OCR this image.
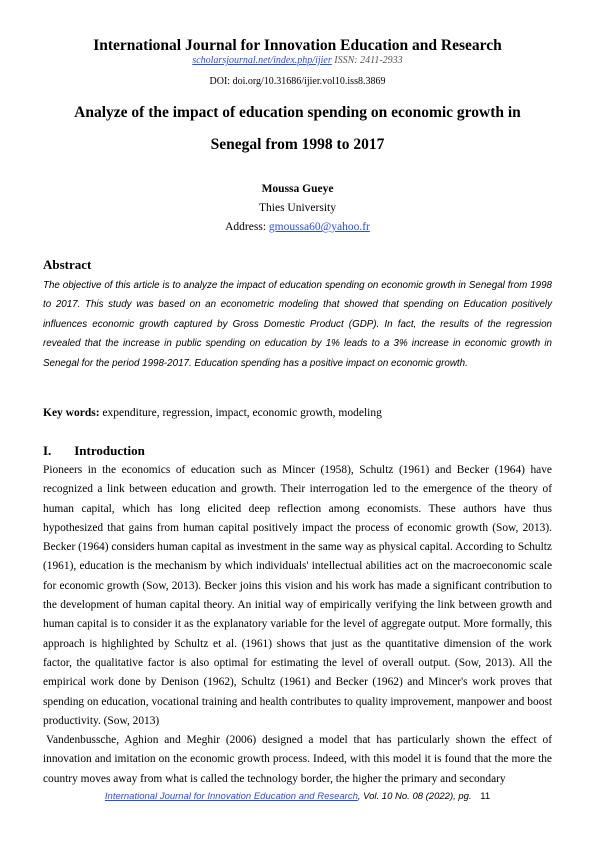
International Journal for Innovation Education and Research
scholarsjournal.net/index.php/ijier ISSN: 2411-2933
DOI: doi.org/10.31686/ijier.vol10.iss8.3869
Analyze of the impact of education spending on economic growth in
Senegal from 1998 to 2017
Moussa Gueye
Thies University
Address: gmoussa60@yahoo.fr
Abstract
The objective of this article is to analyze the impact of education spending on economic growth in Senegal from 1998 to 2017. This study was based on an econometric modeling that showed that spending on Education positively influences economic growth captured by Gross Domestic Product (GDP). In fact, the results of the regression revealed that the increase in public spending on education by 1% leads to a 3% increase in economic growth in Senegal for the period 1998-2017. Education spending has a positive impact on economic growth.
Key words: expenditure, regression, impact, economic growth, modeling
I. Introduction

Pioneers in the economics of education such as Mincer (1958), Schultz (1961) and Becker (1964) have recognized a link between education and growth. Their interrogation led to the emergence of the theory of human capital, which has long elicited deep reflection among economists. These authors have thus hypothesized that gains from human capital positively impact the process of economic growth (Sow, 2013). Becker (1964) considers human capital as investment in the same way as physical capital. According to Schultz (1961), education is the mechanism by which individuals' intellectual abilities act on the macroeconomic scale for economic growth (Sow, 2013). Becker joins this vision and his work has made a significant contribution to the development of human capital theory. An initial way of empirically verifying the link between growth and human capital is to consider it as the explanatory variable for the level of aggregate output. More formally, this approach is highlighted by Schultz et al. (1961) shows that just as the quantitative dimension of the work factor, the qualitative factor is also optimal for estimating the level of overall output. (Sow, 2013). All the empirical work done by Denison (1962), Schultz (1961) and Becker (1962) and Mincer's work proves that spending on education, vocational training and health contributes to quality improvement, manpower and boost productivity. (Sow, 2013)

Vandenbussche, Aghion and Meghir (2006) designed a model that has particularly shown the effect of innovation and imitation on the economic growth process. Indeed, with this model it is found that the more the country moves away from what is called the technology border, the higher the primary and secondary

International Journal for Innovation Education and Research, Vol. 10 No. 08 (2022), pg. 11
